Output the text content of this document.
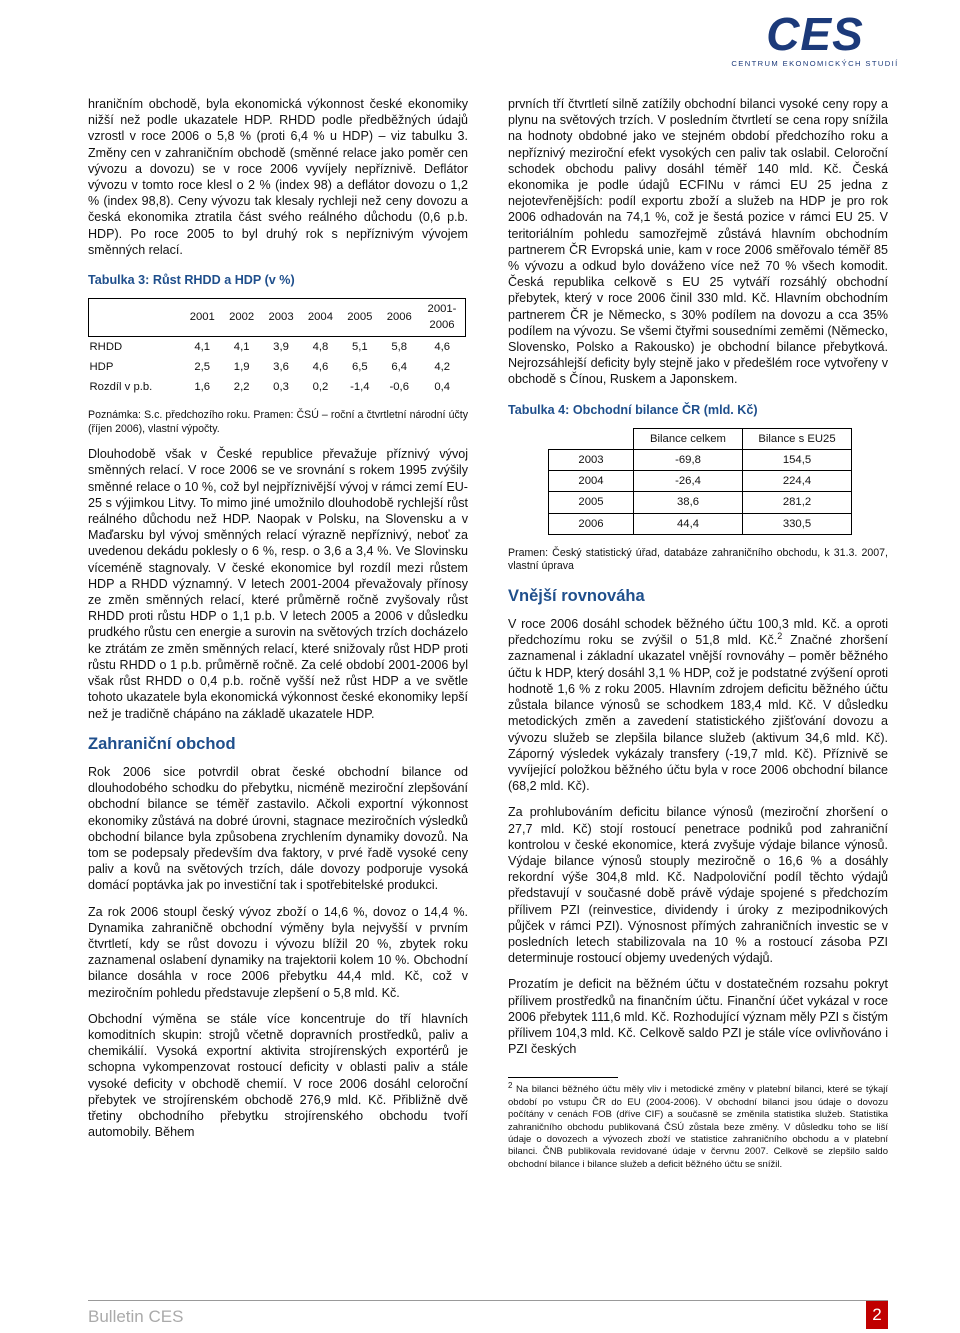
CES
CENTRUM EKONOMICKÝCH STUDIÍ

hraničním obchodě, byla ekonomická výkonnost české ekonomiky nižší než podle ukazatele HDP. RHDD podle předběžných údajů vzrostl v roce 2006 o 5,8 % (proti 6,4 % u HDP) – viz tabulku 3. Změny cen v zahraničním obchodě (směnné relace jako poměr cen vývozu a dovozu) se v roce 2006 vyvíjely nepříznivě. Deflátor vývozu v tomto roce klesl o 2 % (index 98) a deflátor dovozu o 1,2 % (index 98,8). Ceny vývozu tak klesaly rychleji než ceny dovozu a česká ekonomika ztratila část svého reálného důchodu (0,6 p.b. HDP). Po roce 2005 to byl druhý rok s nepříznivým vývojem směnných relací.

Tabulka 3: Růst RHDD a HDP (v %)
	2001	2002	2003	2004	2005	2006	2001-2006
RHDD	4,1	4,1	3,9	4,8	5,1	5,8	4,6
HDP	2,5	1,9	3,6	4,6	6,5	6,4	4,2
Rozdíl v p.b.	1,6	2,2	0,3	0,2	-1,4	-0,6	0,4

Poznámka: S.c. předchozího roku. Pramen: ČSÚ – roční a čtvrtletní národní účty (říjen 2006), vlastní výpočty.

Dlouhodobě však v České republice převažuje příznivý vývoj směnných relací. V roce 2006 se ve srovnání s rokem 1995 zvýšily směnné relace o 10 %, což byl nejpříznivější vývoj v rámci zemí EU-25 s výjimkou Litvy. To mimo jiné umožnilo dlouhodobě rychlejší růst reálného důchodu než HDP. Naopak v Polsku, na Slovensku a v Maďarsku byl vývoj směnných relací výrazně nepříznivý, neboť za uvedenou dekádu poklesly o 6 %, resp. o 3,6 a 3,4 %. Ve Slovinsku víceméně stagnovaly. V české ekonomice byl rozdíl mezi růstem HDP a RHDD významný. V letech 2001-2004 převažovaly přínosy ze změn směnných relací, které průměrně ročně zvyšovaly růst RHDD proti růstu HDP o 1,1 p.b. V letech 2005 a 2006 v důsledku prudkého růstu cen energie a surovin na světových trzích docházelo ke ztrátám ze změn směnných relací, které snižovaly růst HDP proti růstu RHDD o 1 p.b. průměrně ročně. Za celé období 2001-2006 byl však růst RHDD o 0,4 p.b. ročně vyšší než růst HDP a ve světle tohoto ukazatele byla ekonomická výkonnost české ekonomiky lepší než je tradičně chápáno na základě ukazatele HDP.

Zahraniční obchod

Rok 2006 sice potvrdil obrat české obchodní bilance od dlouhodobého schodku do přebytku, nicméně meziroční zlepšování obchodní bilance se téměř zastavilo. Ačkoli exportní výkonnost ekonomiky zůstává na dobré úrovni, stagnace meziročních výsledků obchodní bilance byla způsobena zrychlením dynamiky dovozů. Na tom se podepsaly především dva faktory, v prvé řadě vysoké ceny paliv a kovů na světových trzích, dále dovozy podporuje vysoká domácí poptávka jak po investiční tak i spotřebitelské produkci.

Za rok 2006 stoupl český vývoz zboží o 14,6 %, dovoz o 14,4 %. Dynamika zahraničně obchodní výměny byla nejvyšší v prvním čtvrtletí, kdy se růst dovozu i vývozu blížil 20 %, zbytek roku zaznamenal oslabení dynamiky na trajektorii kolem 10 %. Obchodní bilance dosáhla v roce 2006 přebytku 44,4 mld. Kč, což v meziročním pohledu představuje zlepšení o 5,8 mld. Kč.

Obchodní výměna se stále více koncentruje do tří hlavních komoditních skupin: strojů včetně dopravních prostředků, paliv a chemikálií. Vysoká exportní aktivita strojírenských exportérů je schopna vykompenzovat rostoucí deficity v oblasti paliv a stále vysoké deficity v obchodě chemií. V roce 2006 dosáhl celoroční přebytek ve strojírenském obchodě 276,9 mld. Kč. Přibližně dvě třetiny obchodního přebytku strojírenského obchodu tvoří automobily. Během

prvních tří čtvrtletí silně zatížily obchodní bilanci vysoké ceny ropy a plynu na světových trzích. V posledním čtvrtletí se cena ropy snížila na hodnoty obdobné jako ve stejném období předchozího roku a nepříznivý meziroční efekt vysokých cen paliv tak oslabil. Celoroční schodek obchodu palivy dosáhl téměř 140 mld. Kč. Česká ekonomika je podle údajů ECFINu v rámci EU 25 jedna z nejotevřenějších: podíl exportu zboží a služeb na HDP je pro rok 2006 odhadován na 74,1 %, což je šestá pozice v rámci EU 25. V teritoriálním pohledu samozřejmě zůstává hlavním obchodním partnerem ČR Evropská unie, kam v roce 2006 směřovalo téměř 85 % vývozu a odkud bylo dováženo více než 70 % všech komodit. Česká republika celkově s EU 25 vytváří rozsáhlý obchodní přebytek, který v roce 2006 činil 330 mld. Kč. Hlavním obchodním partnerem ČR je Německo, s 30% podílem na dovozu a cca 35% podílem na vývozu. Se všemi čtyřmi sousedními zeměmi (Německo, Slovensko, Polsko a Rakousko) je obchodní bilance přebytková. Nejrozsáhlejší deficity byly stejně jako v předešlém roce vytvořeny v obchodě s Čínou, Ruskem a Japonskem.

Tabulka 4: Obchodní bilance ČR (mld. Kč)
	Bilance celkem	Bilance s EU25
2003	-69,8	154,5
2004	-26,4	224,4
2005	38,6	281,2
2006	44,4	330,5

Pramen: Český statistický úřad, databáze zahraničního obchodu, k 31.3. 2007, vlastní úprava

Vnější rovnováha

V roce 2006 dosáhl schodek běžného účtu 100,3 mld. Kč. a oproti předchozímu roku se zvýšil o 51,8 mld. Kč.$^2$ Značné zhoršení zaznamenal i základní ukazatel vnější rovnováhy – poměr běžného účtu k HDP, který dosáhl 3,1 % HDP, což je podstatné zvýšení oproti hodnotě 1,6 % z roku 2005. Hlavním zdrojem deficitu běžného účtu zůstala bilance výnosů se schodkem 183,4 mld. Kč. V důsledku metodických změn a zavedení statistického zjišťování dovozu a vývozu služeb se zlepšila bilance služeb (aktivum 34,6 mld. Kč). Záporný výsledek vykázaly transfery (-19,7 mld. Kč). Příznivě se vyvíjející položkou běžného účtu byla v roce 2006 obchodní bilance (68,2 mld. Kč).

Za prohlubováním deficitu bilance výnosů (meziroční zhoršení o 27,7 mld. Kč) stojí rostoucí penetrace podniků pod zahraniční kontrolou v české ekonomice, která zvyšuje výdaje bilance výnosů. Výdaje bilance výnosů stouply meziročně o 16,6 % a dosáhly rekordní výše 304,8 mld. Kč. Nadpoloviční podíl těchto výdajů představují v současné době právě výdaje spojené s předchozím přílivem PZI (reinvestice, dividendy i úroky z mezipodnikových půjček v rámci PZI). Výnosnost přímých zahraničních investic se v posledních letech stabilizovala na 10 % a rostoucí zásoba PZI determinuje rostoucí objemy uvedených výdajů.

Prozatím je deficit na běžném účtu v dostatečném rozsahu pokryt přílivem prostředků na finančním účtu. Finanční účet vykázal v roce 2006 přebytek 111,6 mld. Kč. Rozhodující význam měly PZI s čistým přílivem 104,3 mld. Kč. Celkově saldo PZI je stále více ovlivňováno i PZI českých

$^2$ Na bilanci běžného účtu měly vliv i metodické změny v platební bilanci, které se týkají období po vstupu ČR do EU (2004-2006). V obchodní bilanci jsou údaje o dovozu počítány v cenách FOB (dříve CIF) a současně se změnila statistika služeb. Statistika zahraničního obchodu publikovaná ČSÚ zůstala beze změny. V důsledku toho se liší údaje o dovozech a vývozech zboží ve statistice zahraničního obchodu a v platební bilanci. ČNB publikovala revidované údaje v červnu 2007. Celkově se zlepšilo saldo obchodní bilance i bilance služeb a deficit běžného účtu se snížil.
Bulletin CES	2
